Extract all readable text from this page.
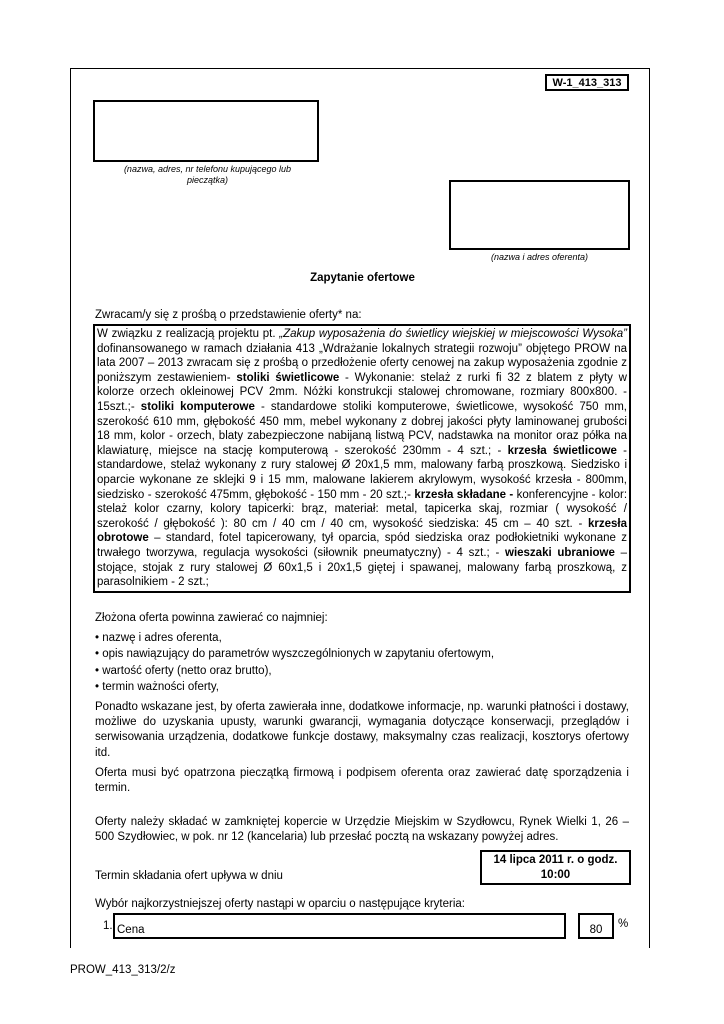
W-1_413_313
(nazwa, adres, nr telefonu kupującego lub pieczątka)
(nazwa i adres oferenta)
Zapytanie ofertowe
Zwracam/y się z prośbą o przedstawienie oferty* na:
W związku z realizacją projektu pt. „Zakup wyposażenia do świetlicy wiejskiej w miejscowości Wysoka” dofinansowanego w ramach działania 413 „Wdrażanie lokalnych strategii rozwoju” objętego PROW na lata 2007 – 2013 zwracam się z prośbą o przedłożenie oferty cenowej na zakup wyposażenia zgodnie z poniższym zestawieniem- stoliki świetlicowe - Wykonanie: stelaż z rurki fi 32 z blatem z płyty w kolorze orzech okleinowej PCV 2mm. Nóżki konstrukcji stalowej chromowane, rozmiary 800x800. - 15szt.;- stoliki komputerowe - standardowe stoliki komputerowe, świetlicowe, wysokość 750 mm, szerokość 610 mm, głębokość 450 mm, mebel wykonany z dobrej jakości płyty laminowanej grubości 18 mm, kolor - orzech, blaty zabezpieczone nabijaną listwą PCV, nadstawka na monitor oraz półka na klawiaturę, miejsce na stację komputerową - szerokość 230mm - 4 szt.; - krzesła świetlicowe - standardowe, stelaż wykonany z rury stalowej Ø 20x1,5 mm, malowany farbą proszkową. Siedzisko i oparcie wykonane ze sklejki 9 i 15 mm, malowane lakierem akrylowym, wysokość krzesła - 800mm, siedzisko - szerokość 475mm, głębokość - 150 mm - 20 szt.;- krzesła składane - konferencyjne - kolor: stelaż kolor czarny, kolory tapicerki: brąz, materiał: metal, tapicerka skaj, rozmiar ( wysokość / szerokość / głębokość ): 80 cm / 40 cm / 40 cm, wysokość siedziska: 45 cm – 40 szt. - krzesła obrotowe – standard, fotel tapicerowany, tył oparcia, spód siedziska oraz podłokietniki wykonane z trwałego tworzywa, regulacja wysokości (siłownik pneumatyczny) - 4 szt.; - wieszaki ubraniowe – stojące, stojak z rury stalowej Ø 60x1,5 i 20x1,5 giętej i spawanej, malowany farbą proszkową, z parasolnikiem - 2 szt.;
Złożona oferta powinna zawierać co najmniej:
• nazwę i adres oferenta,
• opis nawiązujący do parametrów wyszczególnionych w zapytaniu ofertowym,
• wartość oferty (netto oraz brutto),
• termin ważności oferty,
Ponadto wskazane jest, by oferta zawierała inne, dodatkowe informacje, np. warunki płatności i dostawy, możliwe do uzyskania upusty, warunki gwarancji, wymagania dotyczące konserwacji, przeglądów i serwisowania urządzenia, dodatkowe funkcje dostawy, maksymalny czas realizacji, kosztorys ofertowy itd.
Oferta musi być opatrzona pieczątką firmową i podpisem oferenta oraz zawierać datę sporządzenia i termin.
Oferty należy składać w zamkniętej kopercie w Urzędzie Miejskim w Szydłowcu, Rynek Wielki 1, 26 – 500 Szydłowiec, w pok. nr 12 (kancelaria) lub przesłać pocztą na wskazany powyżej adres.
Termin składania ofert upływa w dniu
14 lipca 2011 r. o godz.
10:00
Wybór najkorzystniejszej oferty nastąpi w oparciu o następujące kryteria:
1. Cena	80	%
PROW_413_313/2/z
